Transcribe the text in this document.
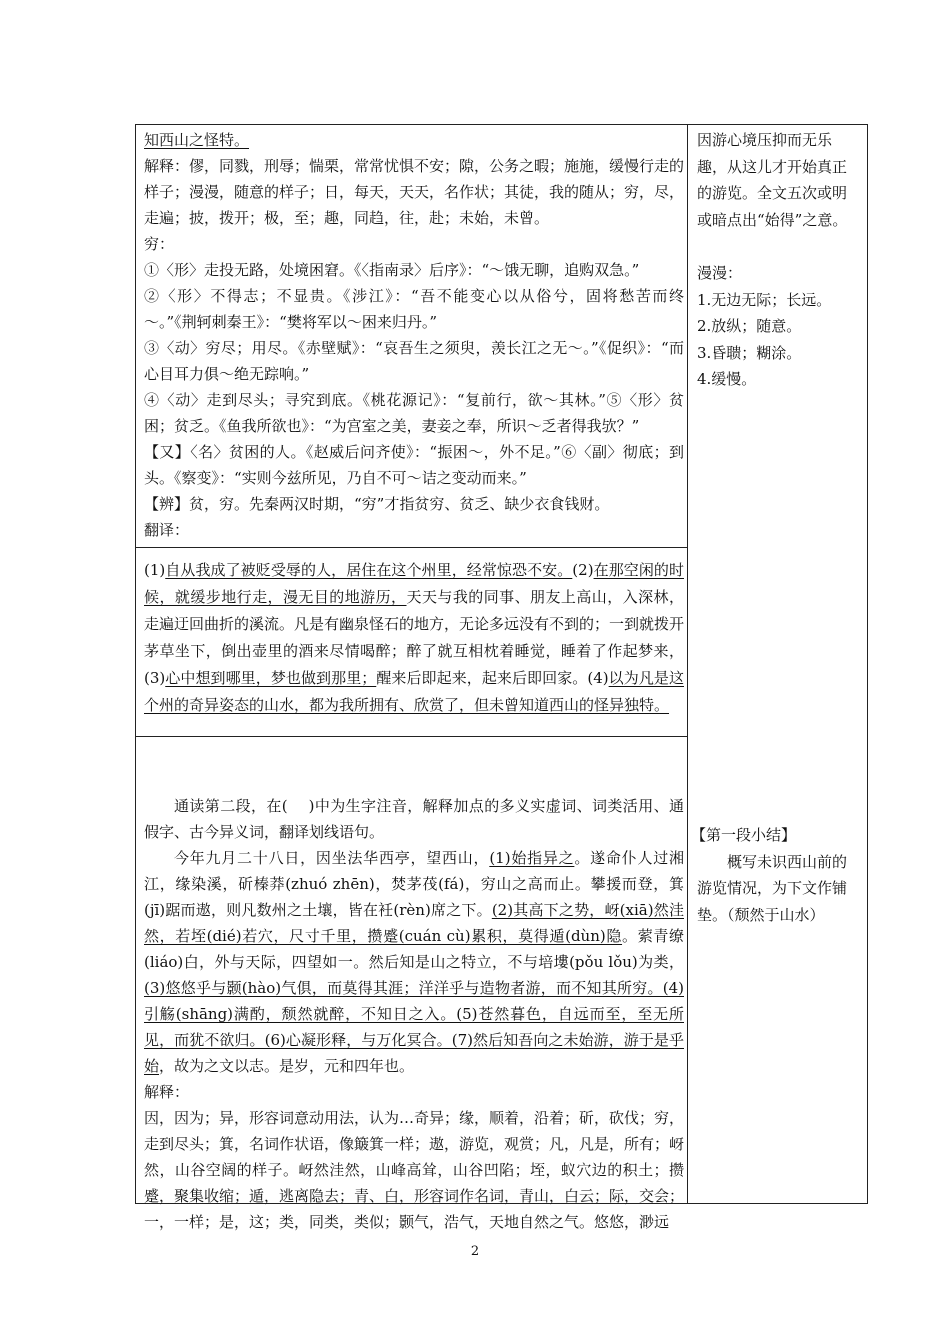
知西山之怪特。

解释：僇，同戮，刑辱；惴栗，常常忧惧不安；隙，公务之暇；施施，缓慢行走的样子；漫漫，随意的样子；日，每天，天天，名作状；其徒，我的随从；穷，尽，走遍；披，拨开；极，至；趣，同趋，往，赴；未始，未曾。

穷：

①〈形〉走投无路，处境困窘。《〈指南录〉后序》：“～饿无聊，追购双急。”

②〈形〉不得志；不显贵。《涉江》：“吾不能变心以从俗兮，固将愁苦而终～。”《荆轲刺秦王》：“樊将军以～困来归丹。”

③〈动〉穷尽；用尽。《赤壁赋》：“哀吾生之须臾，羡长江之无～。”《促织》：“而心目耳力俱～绝无踪响。”

④〈动〉走到尽头；寻究到底。《桃花源记》：“复前行，欲～其林。”⑤〈形〉贫困；贫乏。《鱼我所欲也》：“为宫室之美，妻妾之奉，所识～乏者得我欤？”

【又】〈名〉贫困的人。《赵威后问齐使》：“振困～，外不足。”⑥〈副〉彻底；到头。《察变》：“实则今兹所见，乃自不可～诘之变动而来。”

【辨】贫，穷。先秦两汉时期，“穷”才指贫穷、贫乏、缺少衣食钱财。

翻译：

(1)自从我成了被贬受辱的人，居住在这个州里，经常惊恐不安。(2)在那空闲的时候，就缓步地行走，漫无目的地游历，天天与我的同事、朋友上高山，入深林，走遍迂回曲折的溪流。凡是有幽泉怪石的地方，无论多远没有不到的；一到就拨开茅草坐下，倒出壶里的酒来尽情喝醉；醉了就互相枕着睡觉，睡着了作起梦来，(3)心中想到哪里，梦也做到那里；醒来后即起来，起来后即回家。(4)以为凡是这个州的奇异姿态的山水，都为我所拥有、欣赏了，但未曾知道西山的怪异独特。

通读第二段，在(　 )中为生字注音，解释加点的多义实虚词、词类活用、通假字、古今异义词，翻译划线语句。

今年九月二十八日，因坐法华西亭，望西山，(1)始指异之。遂命仆人过湘江，缘染溪，斫榛莽(zhuó zhēn)，焚茅茷(fá)，穷山之高而止。攀援而登，箕(jī)踞而遨，则凡数州之土壤，皆在衽(rèn)席之下。(2)其高下之势，岈(xiā)然洼然，若垤(dié)若穴，尺寸千里，攒蹙(cuán cù)累积，莫得遁(dùn)隐。萦青缭(liáo)白，外与天际，四望如一。然后知是山之特立，不与培塿(pǒu lǒu)为类，(3)悠悠乎与颢(hào)气俱，而莫得其涯；洋洋乎与造物者游，而不知其所穷。(4)引觞(shāng)满酌，颓然就醉，不知日之入。(5)苍然暮色，自远而至，至无所见，而犹不欲归。(6)心凝形释，与万化冥合。(7)然后知吾向之未始游，游于是乎始，故为之文以志。是岁，元和四年也。

解释：

因，因为；异，形容词意动用法，认为…奇异；缘，顺着，沿着；斫，砍伐；穷，走到尽头；箕，名词作状语，像簸箕一样；遨，游览，观赏；凡，凡是，所有；岈然，山谷空阔的样子。岈然洼然，山峰高耸，山谷凹陷；垤，蚁穴边的积土；攒蹙，聚集收缩；遁，逃离隐去；青、白，形容词作名词，青山，白云；际，交会；一，一样；是，这；类，同类，类似；颢气，浩气，天地自然之气。悠悠，渺远

因游心境压抑而无乐趣，从这儿才开始真正的游览。全文五次或明或暗点出“始得”之意。

漫漫：

1.无边无际；长远。

2.放纵；随意。

3.昏聩；糊涂。

4.缓慢。

【第一段小结】

概写未识西山前的游览情况，为下文作铺垫。（颓然于山水）

2
